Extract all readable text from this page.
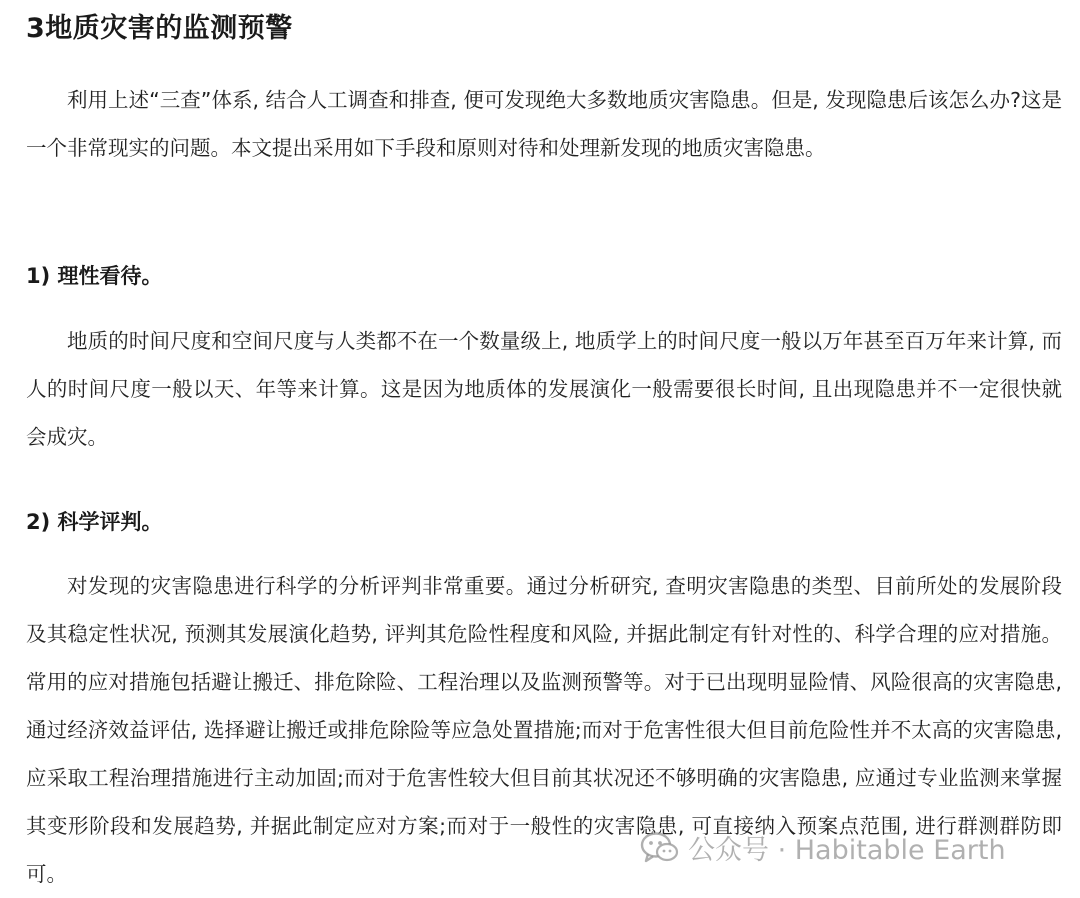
3地质灾害的监测预警

利用上述“三查”体系, 结合人工调查和排查, 便可发现绝大多数地质灾害隐患。但是, 发现隐患后该怎么办?这是一个非常现实的问题。本文提出采用如下手段和原则对待和处理新发现的地质灾害隐患。

1) 理性看待。

地质的时间尺度和空间尺度与人类都不在一个数量级上, 地质学上的时间尺度一般以万年甚至百万年来计算, 而人的时间尺度一般以天、年等来计算。这是因为地质体的发展演化一般需要很长时间, 且出现隐患并不一定很快就会成灾。

2) 科学评判。

对发现的灾害隐患进行科学的分析评判非常重要。通过分析研究, 查明灾害隐患的类型、目前所处的发展阶段及其稳定性状况, 预测其发展演化趋势, 评判其危险性程度和风险, 并据此制定有针对性的、科学合理的应对措施。常用的应对措施包括避让搬迁、排危除险、工程治理以及监测预警等。对于已出现明显险情、风险很高的灾害隐患, 通过经济效益评估, 选择避让搬迁或排危除险等应急处置措施;而对于危害性很大但目前危险性并不太高的灾害隐患, 应采取工程治理措施进行主动加固;而对于危害性较大但目前其状况还不够明确的灾害隐患, 应通过专业监测来掌握其变形阶段和发展趋势, 并据此制定应对方案;而对于一般性的灾害隐患, 可直接纳入预案点范围, 进行群测群防即可。

公众号 · Habitable Earth
